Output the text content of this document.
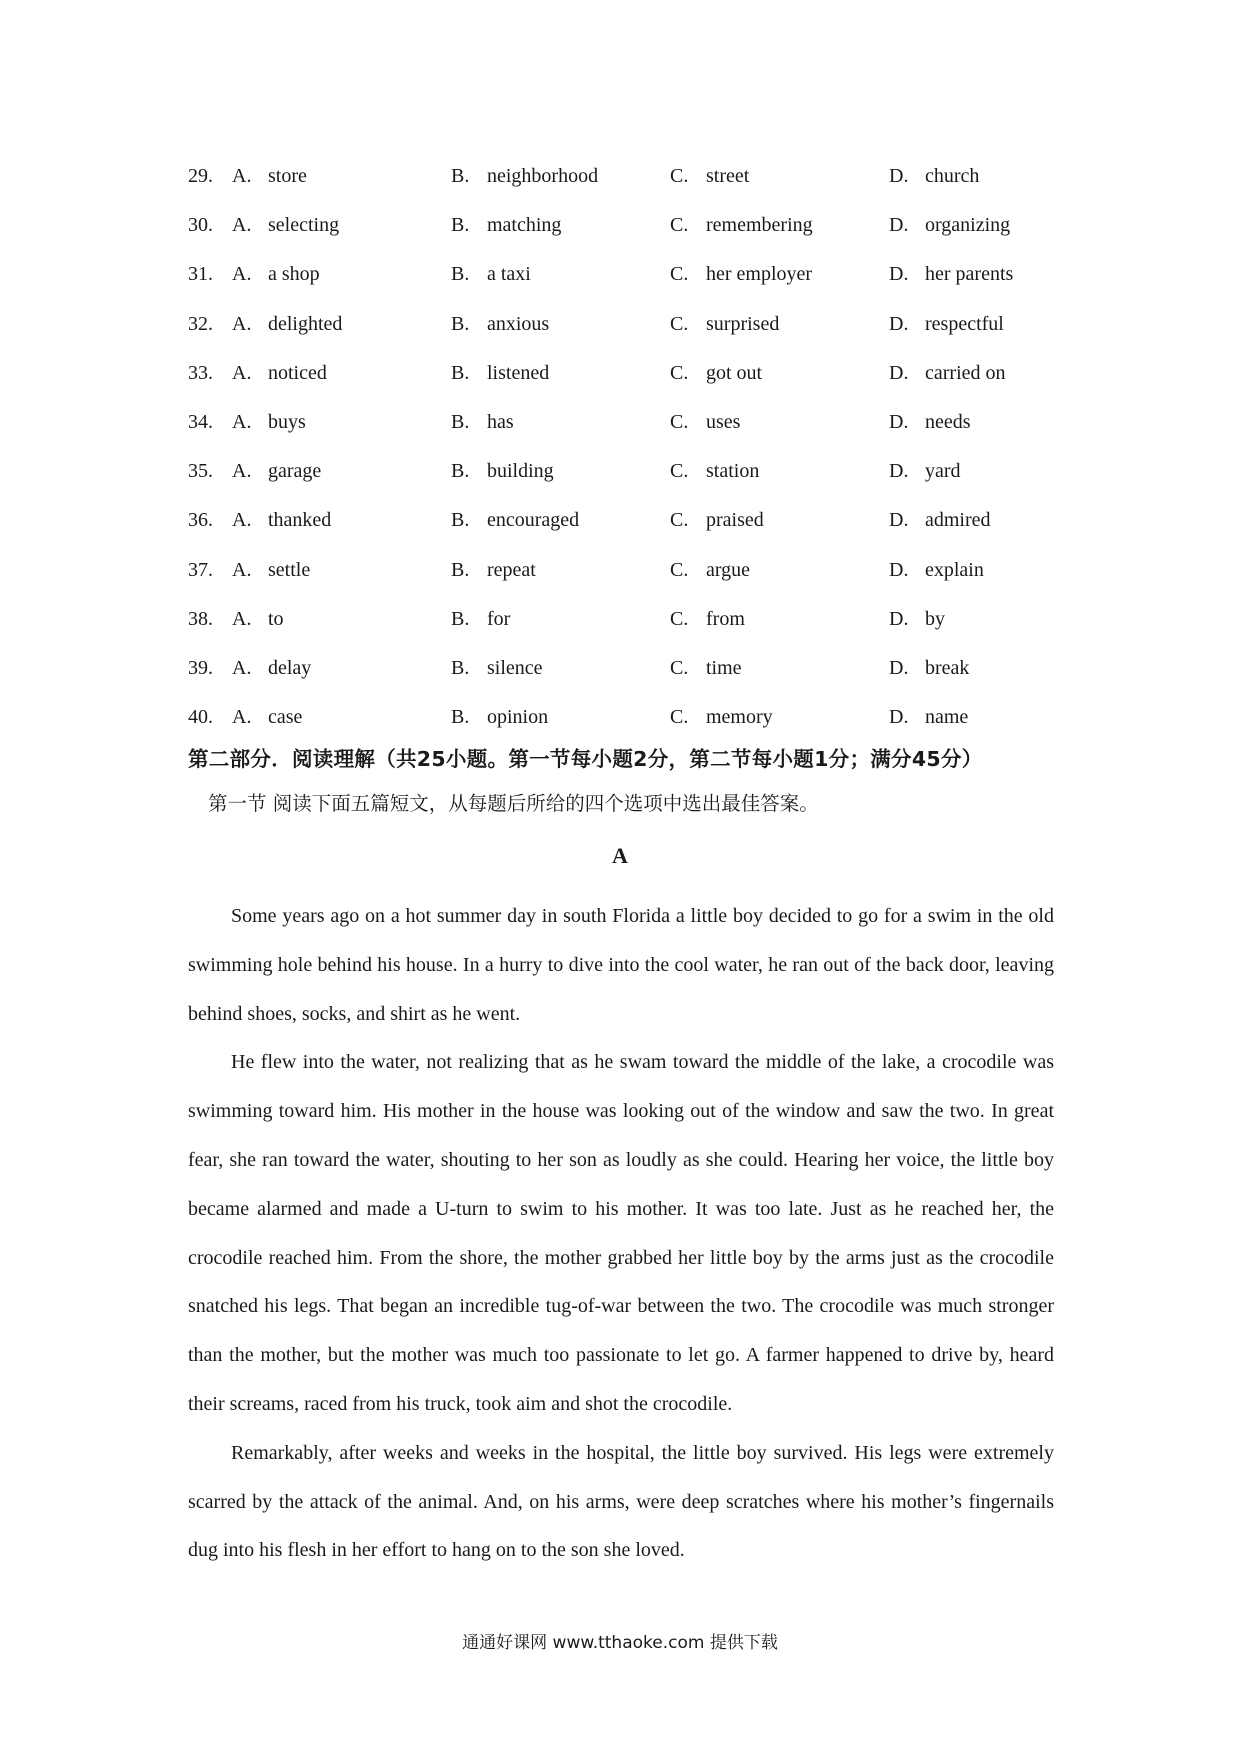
29. A. store	B. neighborhood	C. street	D. church
30. A. selecting	B. matching	C. remembering	D. organizing
31. A. a shop	B. a taxi	C. her employer	D. her parents
32. A. delighted	B. anxious	C. surprised	D. respectful
33. A. noticed	B. listened	C. got out	D. carried on
34. A. buys	B. has	C. uses	D. needs
35. A. garage	B. building	C. station	D. yard
36. A. thanked	B. encouraged	C. praised	D. admired
37. A. settle	B. repeat	C. argue	D. explain
38. A. to	B. for	C. from	D. by
39. A. delay	B. silence	C. time	D. break
40. A. case	B. opinion	C. memory	D. name
第二部分．阅读理解（共25小题。第一节每小题2分，第二节每小题1分；满分45分）
第一节 阅读下面五篇短文，从每题后所给的四个选项中选出最佳答案。
A

Some years ago on a hot summer day in south Florida a little boy decided to go for a swim in the old swimming hole behind his house. In a hurry to dive into the cool water, he ran out of the back door, leaving behind shoes, socks, and shirt as he went.

He flew into the water, not realizing that as he swam toward the middle of the lake, a crocodile was swimming toward him. His mother in the house was looking out of the window and saw the two. In great fear, she ran toward the water, shouting to her son as loudly as she could. Hearing her voice, the little boy became alarmed and made a U-turn to swim to his mother. It was too late. Just as he reached her, the crocodile reached him. From the shore, the mother grabbed her little boy by the arms just as the crocodile snatched his legs. That began an incredible tug-of-war between the two. The crocodile was much stronger than the mother, but the mother was much too passionate to let go. A farmer happened to drive by, heard their screams, raced from his truck, took aim and shot the crocodile.

Remarkably, after weeks and weeks in the hospital, the little boy survived. His legs were extremely scarred by the attack of the animal. And, on his arms, were deep scratches where his mother’s fingernails dug into his flesh in her effort to hang on to the son she loved.

通通好课网 www.tthaoke.com 提供下载
